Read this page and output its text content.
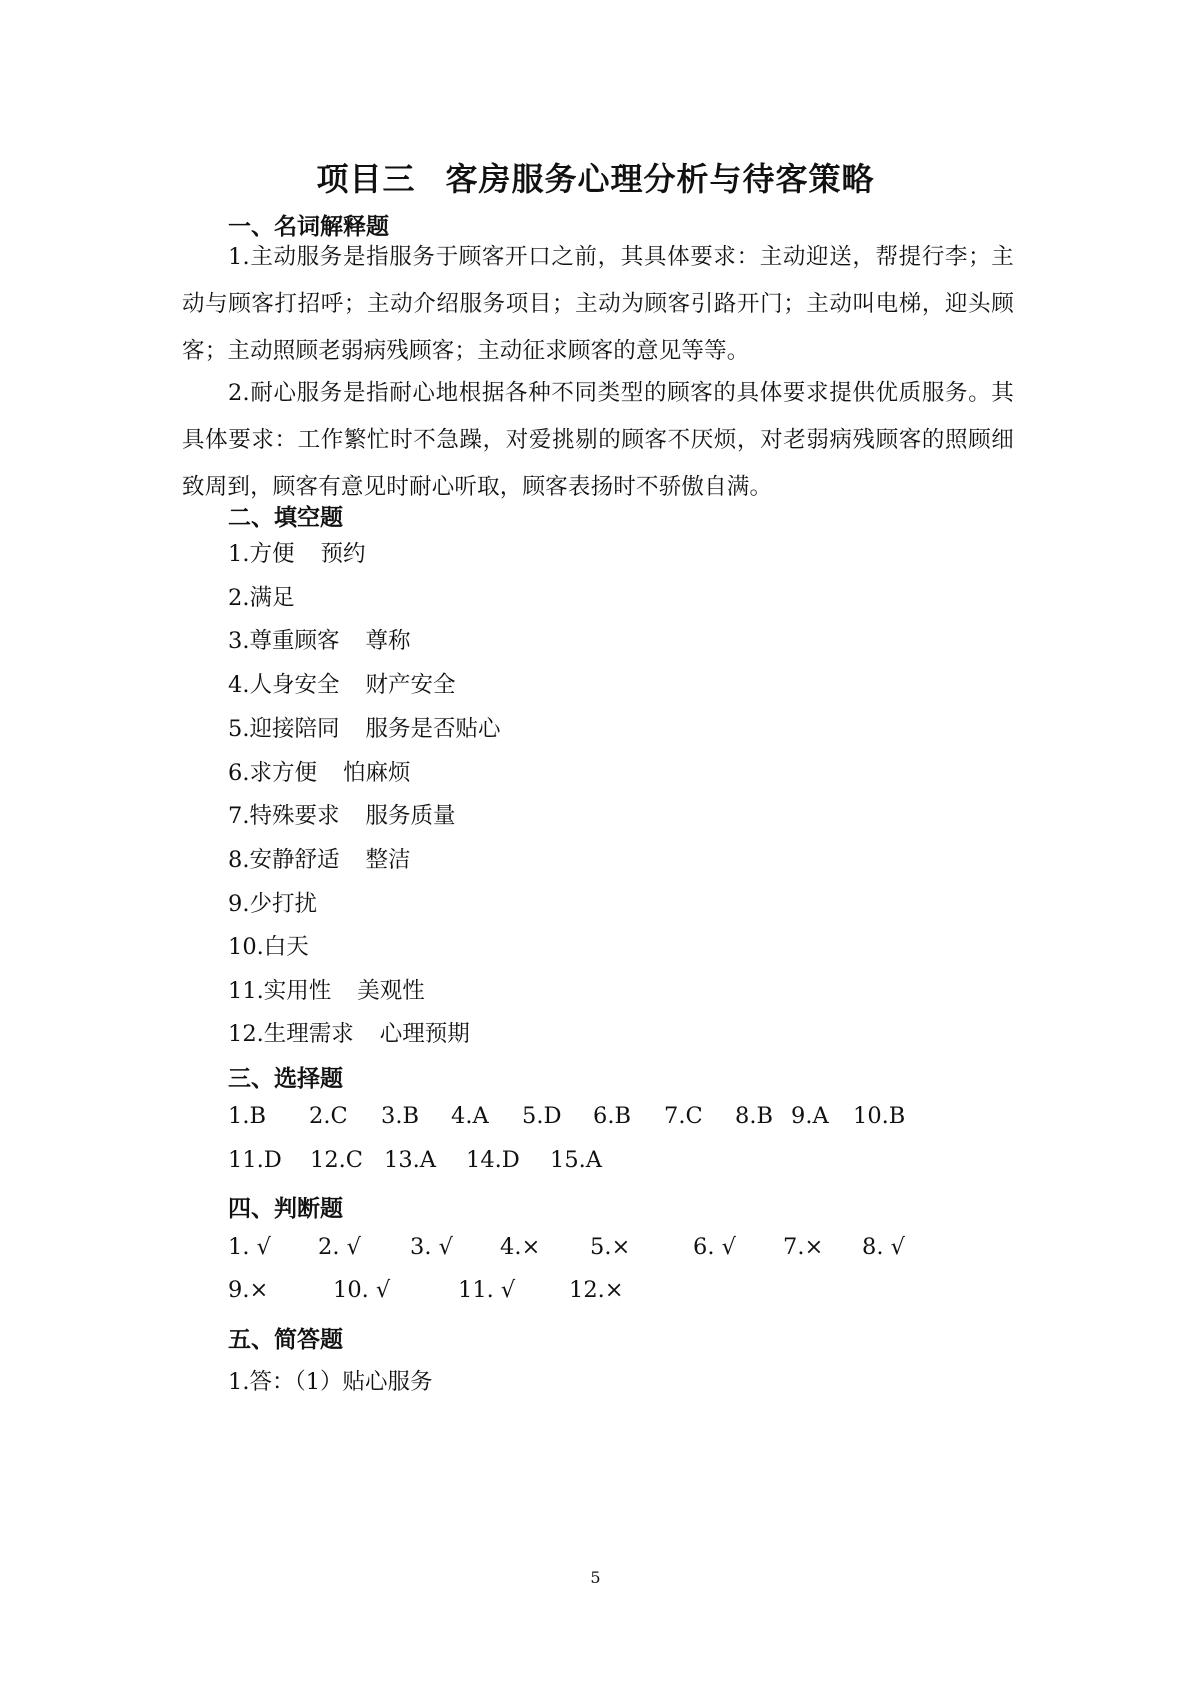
项目三 客房服务心理分析与待客策略
一、名词解释题
1.主动服务是指服务于顾客开口之前，其具体要求：主动迎送，帮提行李；主动与顾客打招呼；主动介绍服务项目；主动为顾客引路开门；主动叫电梯，迎头顾客；主动照顾老弱病残顾客；主动征求顾客的意见等等。
2.耐心服务是指耐心地根据各种不同类型的顾客的具体要求提供优质服务。其具体要求：工作繁忙时不急躁，对爱挑剔的顾客不厌烦，对老弱病残顾客的照顾细致周到，顾客有意见时耐心听取，顾客表扬时不骄傲自满。
二、填空题
1.方便 预约
2.满足
3.尊重顾客 尊称
4.人身安全 财产安全
5.迎接陪同 服务是否贴心
6.求方便 怕麻烦
7.特殊要求 服务质量
8.安静舒适 整洁
9.少打扰
10.白天
11.实用性 美观性
12.生理需求 心理预期
三、选择题
1.B 2.C 3.B 4.A 5.D 6.B 7.C 8.B 9.A 10.B
11.D 12.C 13.A 14.D 15.A
四、判断题
1. √ 2. √ 3. √ 4.× 5.×	6. √ 7.× 8. √
9.×	10. √	11. √ 12.×
五、简答题
1.答：（1）贴心服务
5
